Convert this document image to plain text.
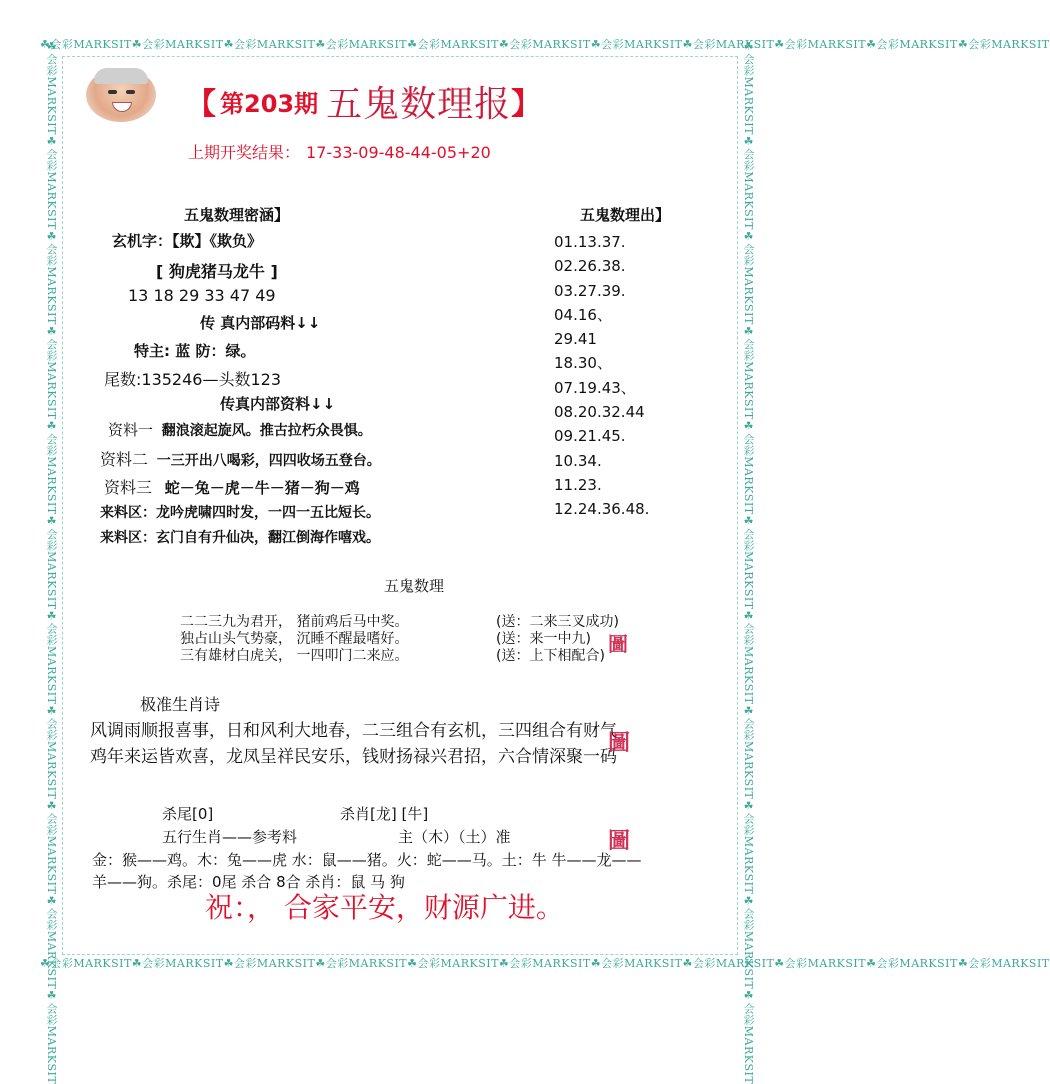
☘会彩MARKSIT☘会彩MARKSIT☘会彩MARKSIT☘会彩MARKSIT☘会彩MARKSIT☘会彩MARKSIT☘会彩MARKSIT☘会彩MARKSIT☘会彩MARKSIT☘会彩MARKSIT☘会彩MARKSIT
☘会彩MARKSIT☘会彩MARKSIT☘会彩MARKSIT☘会彩MARKSIT☘会彩MARKSIT☘会彩MARKSIT☘会彩MARKSIT☘会彩MARKSIT☘会彩MARKSIT☘会彩MARKSIT☘会彩MARKSIT
☘会彩MARKSIT☘会彩MARKSIT☘会彩MARKSIT☘会彩MARKSIT☘会彩MARKSIT☘会彩MARKSIT☘会彩MARKSIT☘会彩MARKSIT☘会彩MARKSIT☘会彩MARKSIT☘会彩MARKSIT	☘会彩MARKSIT☘会彩MARKSIT☘会彩MARKSIT☘会彩MARKSIT☘会彩MARKSIT☘会彩MARKSIT☘会彩MARKSIT☘会彩MARKSIT☘会彩MARKSIT☘会彩MARKSIT☘会彩MARKSIT
【 第203期 五鬼数理报 】
上期开奖结果： 17-33-09-48-44-05+20
五鬼数理密涵】
玄机字：【欺】《欺负》
[ 狗虎猪马龙牛 ]
13 18 29 33 47 49
传 真内部码料↓↓
特主: 蓝 防：绿。
尾数:135246—头数123
传真内部资料↓↓
资料一 翻浪滚起旋风。推古拉朽众畏惧。
资料二 一三开出八喝彩，四四收场五登台。
资料三 蛇－兔－虎－牛－猪－狗－鸡
来料区：龙吟虎啸四时发，一四一五比短长。
来料区：玄门自有升仙决，翻江倒海作嘻戏。
五鬼数理出】
01.13.37.
02.26.38.
03.27.39.
04.16、
29.41
18.30、
07.19.43、
08.20.32.44
09.21.45.
10.34.
11.23.
12.24.36.48.
五鬼数理
二二三九为君开， 猪前鸡后马中奖。	(送：二来三叉成功)
独占山头气势豪， 沉睡不醒最嗜好。	(送：来一中九)
三有雄材白虎关， 一四叩门二来应。	(送：上下相配合)
极准生肖诗
风调雨顺报喜事，日和风利大地春，二三组合有玄机，三四组合有财气
鸡年来运皆欢喜，龙凤呈祥民安乐，钱财扬禄兴君招，六合情深聚一码
杀尾[0]	杀肖[龙] [牛]
五行生肖——参考料	主（木）（土）准
金：猴——鸡。木：兔——虎 水：鼠——猪。火：蛇——马。土：牛 牛——龙——
羊——狗。杀尾：0尾 杀合 8合 杀肖：鼠 马 狗
祝：， 合家平安，财源广进。
圖
圖
圖
